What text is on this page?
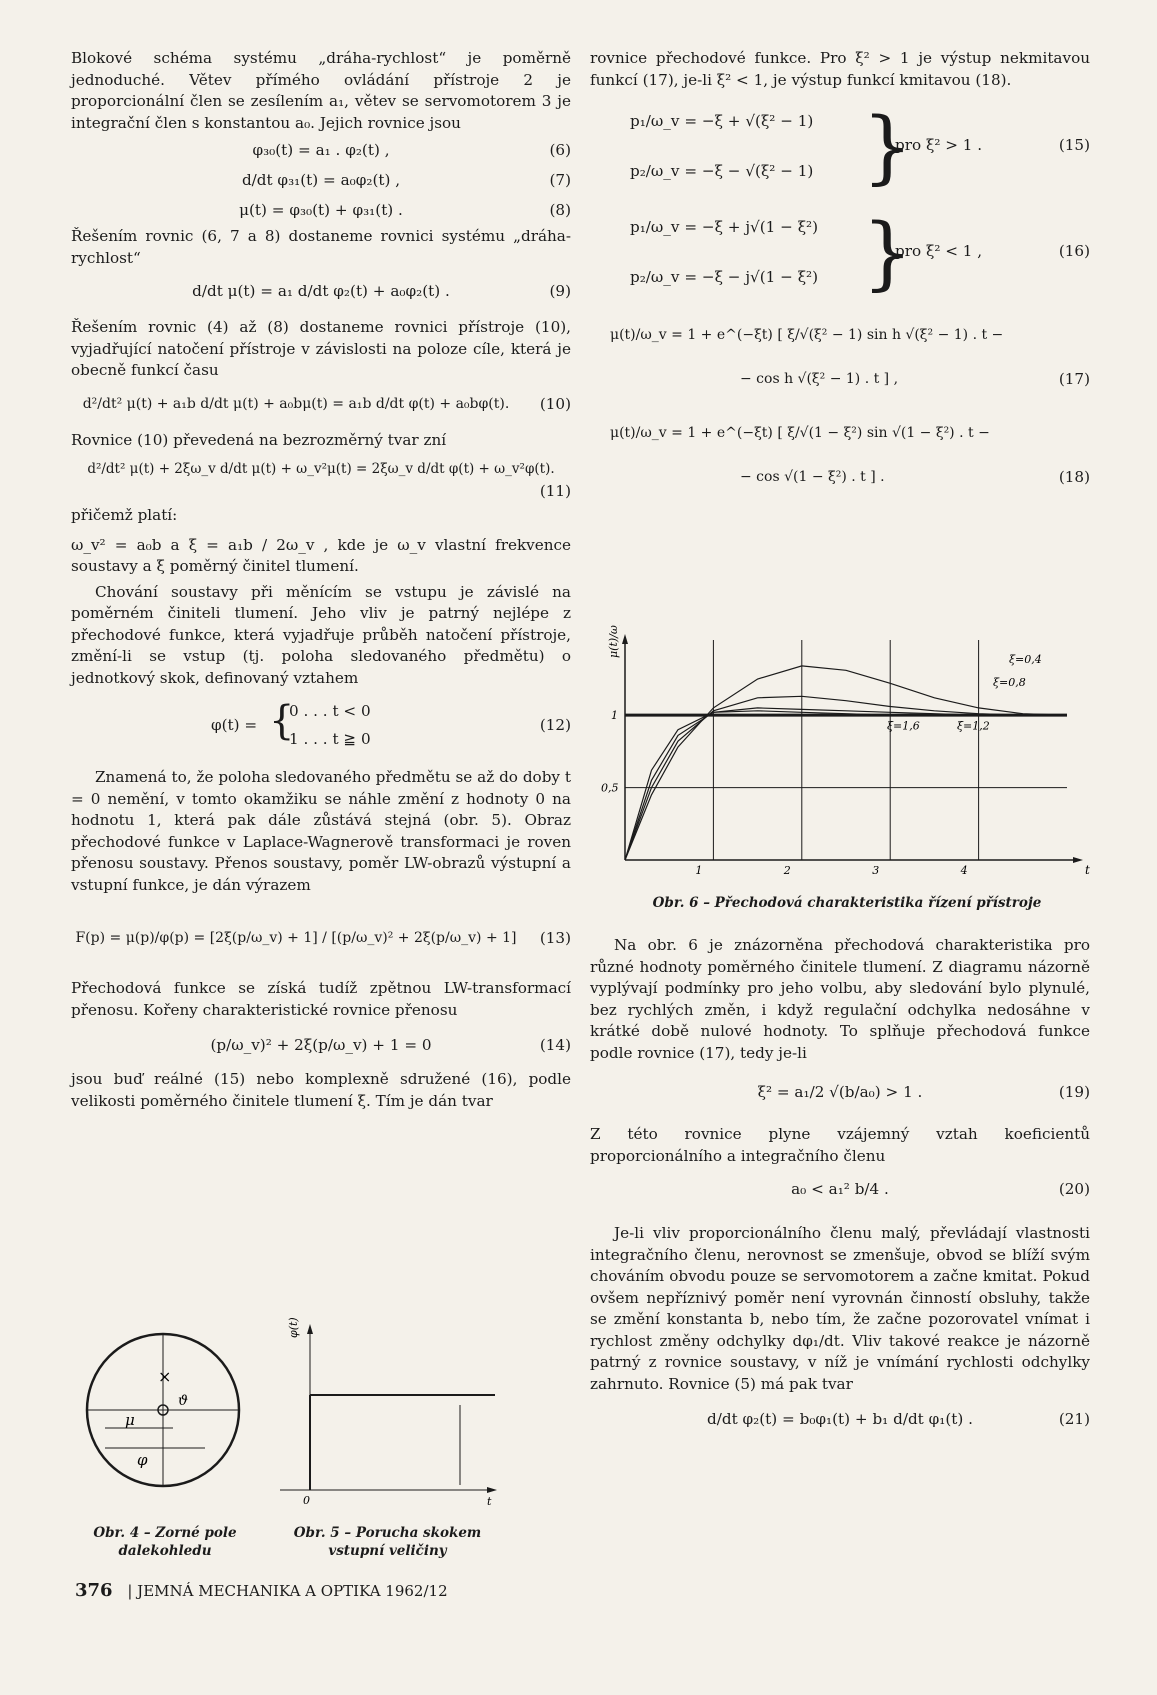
Blokové schéma systému „dráha-rychlost“ je poměrně jednoduché. Větev přímého ovládání přístroje 2 je proporcionální člen se zesílením a₁, větev se servomotorem 3 je integrační člen s konstantou a₀. Jejich rovnice jsou

φ₃₀(t) = a₁ . φ₂(t) ,	(6)
d/dt φ₃₁(t) = a₀φ₂(t) ,	(7)
μ(t) = φ₃₀(t) + φ₃₁(t) .	(8)

Řešením rovnic (6, 7 a 8) dostaneme rovnici systému „dráha-rychlost“

d/dt μ(t) = a₁ d/dt φ₂(t) + a₀φ₂(t) .	(9)

Řešením rovnic (4) až (8) dostaneme rovnici přístroje (10), vyjadřující natočení přístroje v závislosti na poloze cíle, která je obecně funkcí času

d²/dt² μ(t) + a₁b d/dt μ(t) + a₀bμ(t) = a₁b d/dt φ(t) + a₀bφ(t).	(10)

Rovnice (10) převedená na bezrozměrný tvar zní

d²/dt² μ(t) + 2ξω_v d/dt μ(t) + ω_v²μ(t) = 2ξω_v d/dt φ(t) + ω_v²φ(t).
(11)

přičemž platí:

ω_v² = a₀b a ξ = a₁b / 2ω_v , kde je ω_v vlastní frekvence soustavy a ξ poměrný činitel tlumení.

Chování soustavy při měnícím se vstupu je závislé na poměrném činiteli tlumení. Jeho vliv je patrný nejlépe z přechodové funkce, která vyjadřuje průběh natočení přístroje, změní-li se vstup (tj. poloha sledovaného předmětu) o jednotkový skok, definovaný vztahem

φ(t) = {
0 . . . t < 0
1 . . . t ≧ 0
(12)

Znamená to, že poloha sledovaného předmětu se až do doby t = 0 nemění, v tomto okamžiku se náhle změní z hodnoty 0 na hodnotu 1, která pak dále zůstává stejná (obr. 5). Obraz přechodové funkce v Laplace-Wagnerově transformaci je roven přenosu soustavy. Přenos soustavy, poměr LW-obrazů výstupní a vstupní funkce, je dán výrazem

F(p) = μ(p)/φ(p) = [2ξ(p/ω_v) + 1] / [(p/ω_v)² + 2ξ(p/ω_v) + 1] (13)

Přechodová funkce se získá tudíž zpětnou LW-transformací přenosu. Kořeny charakteristické rovnice přenosu

(p/ω_v)² + 2ξ(p/ω_v) + 1 = 0	(14)

jsou buď reálné (15) nebo komplexně sdružené (16), podle velikosti poměrného činitele tlumení ξ. Tím je dán tvar

×
μ
φ
ϑ
Obr. 4 – Zorné pole dalekohledu
φ(t)
0	t
Obr. 5 – Porucha skokem vstupní veličiny

rovnice přechodové funkce. Pro ξ² > 1 je výstup nekmitavou funkcí (17), je-li ξ² < 1, je výstup funkcí kmitavou (18).

p₁/ω_v = −ξ + √(ξ² − 1)
p₂/ω_v = −ξ − √(ξ² − 1) }
pro ξ² > 1 .	(15)
p₁/ω_v = −ξ + j√(1 − ξ²)
p₂/ω_v = −ξ − j√(1 − ξ²) }
pro ξ² < 1 ,	(16)
μ(t)/ω_v = 1 + e^(−ξt) [ ξ/√(ξ² − 1) sin h √(ξ² − 1) . t −
− cos h √(ξ² − 1) . t ] ,	(17)
μ(t)/ω_v = 1 + e^(−ξt) [ ξ/√(1 − ξ²) sin √(1 − ξ²) . t −
− cos √(1 − ξ²) . t ] .	(18)
1	2	3	4
1
0,5
t
μ(t)/ω_v
ξ=0,4
ξ=0,8
ξ=1,6	ξ=1,2
Obr. 6 – Přechodová charakteristika řízení přístroje

Na obr. 6 je znázorněna přechodová charakteristika pro různé hodnoty poměrného činitele tlumení. Z diagramu názorně vyplývají podmínky pro jeho volbu, aby sledování bylo plynulé, bez rychlých změn, i když regulační odchylka nedosáhne v krátké době nulové hodnoty. To splňuje přechodová funkce podle rovnice (17), tedy je-li

ξ² = a₁/2 √(b/a₀) > 1 .	(19)

Z této rovnice plyne vzájemný vztah koeficientů proporcionálního a integračního členu

a₀ < a₁² b/4 .	(20)

Je-li vliv proporcionálního členu malý, převládají vlastnosti integračního členu, nerovnost se zmenšuje, obvod se blíží svým chováním obvodu pouze se servomotorem a začne kmitat. Pokud ovšem nepříznivý poměr není vyrovnán činností obsluhy, takže se změní konstanta b, nebo tím, že začne pozorovatel vnímat i rychlost změny odchylky dφ₁/dt. Vliv takové reakce je názorně patrný z rovnice soustavy, v níž je vnímání rychlosti odchylky zahrnuto. Rovnice (5) má pak tvar

d/dt φ₂(t) = b₀φ₁(t) + b₁ d/dt φ₁(t) .	(21)
376 | JEMNÁ MECHANIKA A OPTIKA 1962/12
